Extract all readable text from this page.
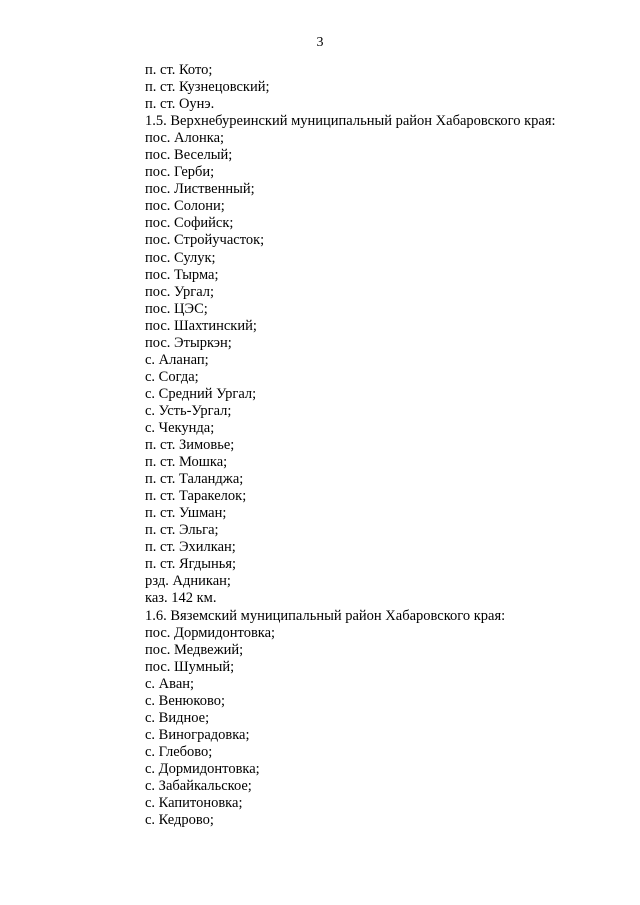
3
п. ст. Кото;
п. ст. Кузнецовский;
п. ст. Оунэ.
1.5. Верхнебуреинский муниципальный район Хабаровского края:
пос. Алонка;
пос. Веселый;
пос. Герби;
пос. Лиственный;
пос. Солони;
пос. Софийск;
пос. Стройучасток;
пос. Сулук;
пос. Тырма;
пос. Ургал;
пос. ЦЭС;
пос. Шахтинский;
пос. Этыркэн;
с. Аланап;
с. Согда;
с. Средний Ургал;
с. Усть-Ургал;
с. Чекунда;
п. ст. Зимовье;
п. ст. Мошка;
п. ст. Таланджа;
п. ст. Таракелок;
п. ст. Ушман;
п. ст. Эльга;
п. ст. Эхилкан;
п. ст. Ягдынья;
рзд. Адникан;
каз. 142 км.
1.6. Вяземский муниципальный район Хабаровского края:
пос. Дормидонтовка;
пос. Медвежий;
пос. Шумный;
с. Аван;
с. Венюково;
с. Видное;
с. Виноградовка;
с. Глебово;
с. Дормидонтовка;
с. Забайкальское;
с. Капитоновка;
с. Кедрово;
